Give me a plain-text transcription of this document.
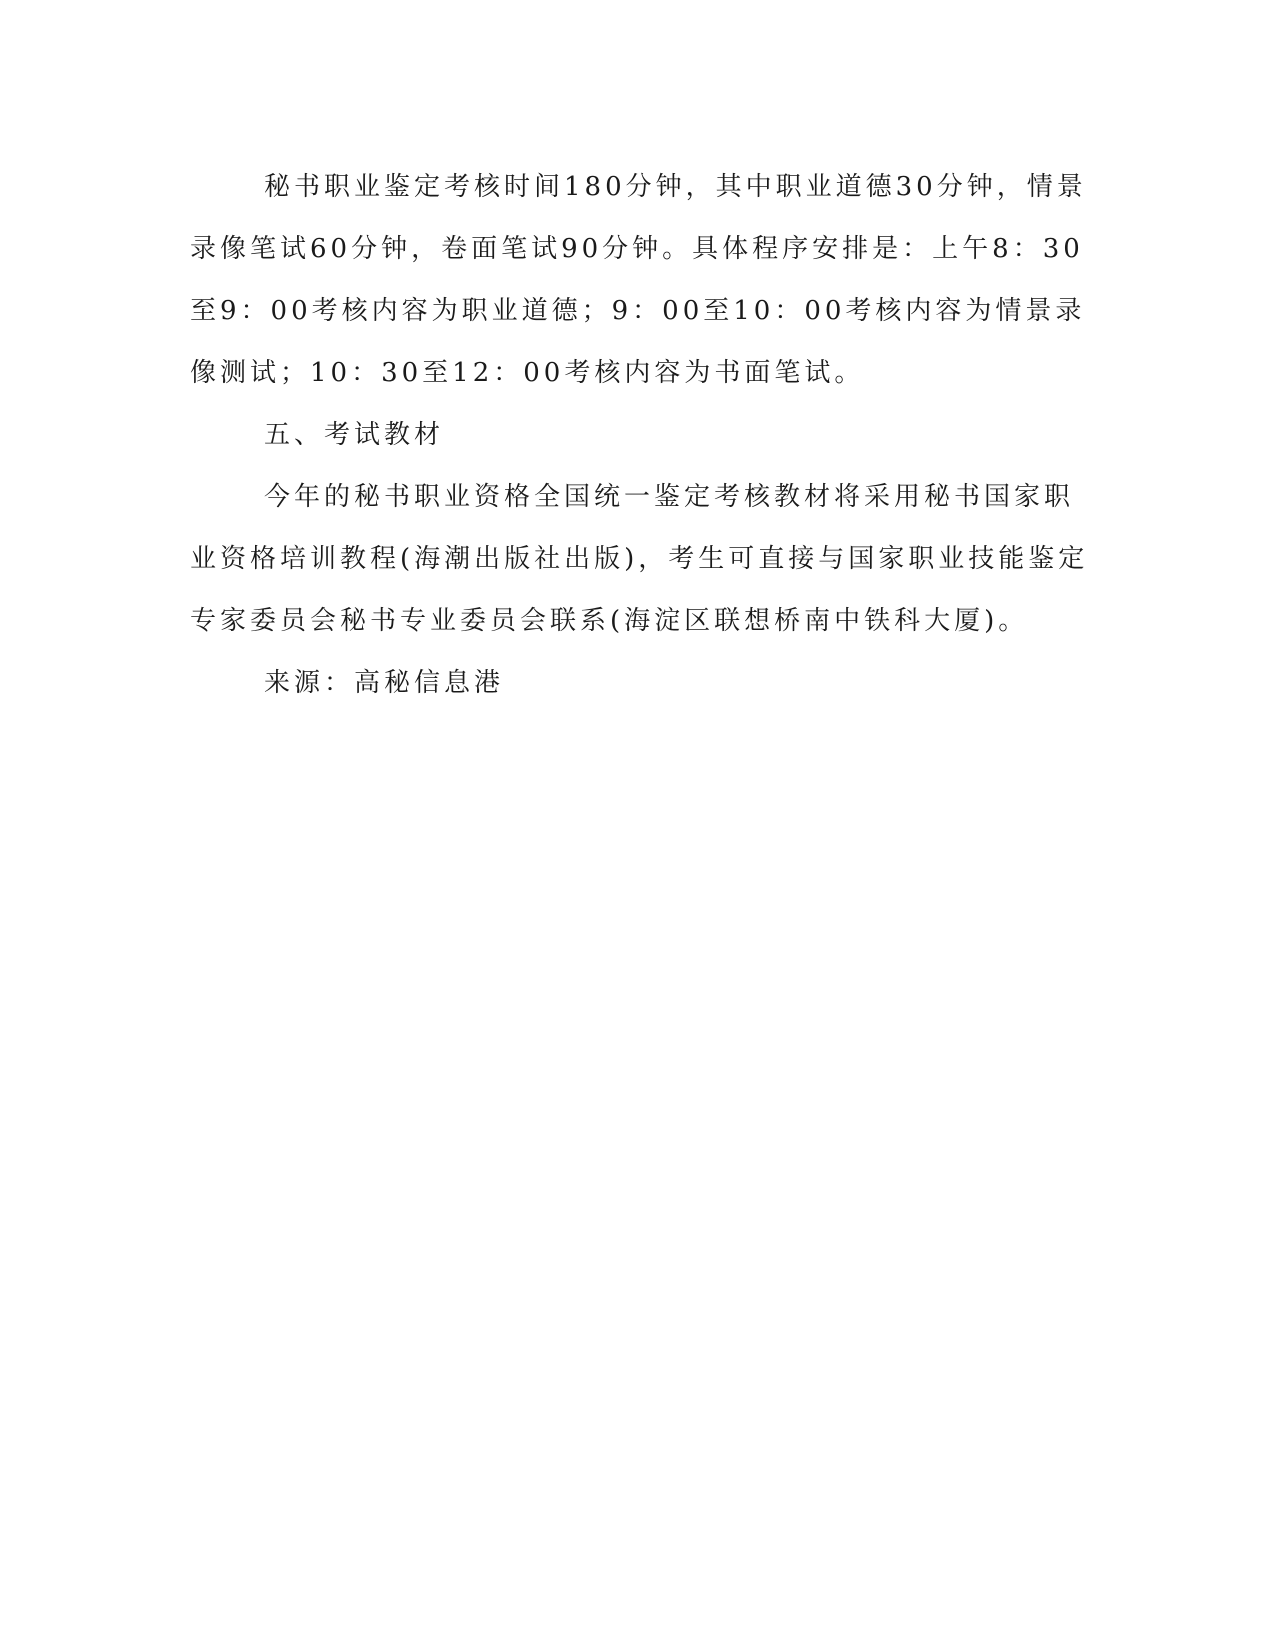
秘书职业鉴定考核时间180分钟，其中职业道德30分钟，情景录像笔试60分钟，卷面笔试90分钟。具体程序安排是：上午8：30至9：00考核内容为职业道德；9：00至10：00考核内容为情景录像测试；10：30至12：00考核内容为书面笔试。

五、考试教材

今年的秘书职业资格全国统一鉴定考核教材将采用秘书国家职业资格培训教程(海潮出版社出版)，考生可直接与国家职业技能鉴定专家委员会秘书专业委员会联系(海淀区联想桥南中铁科大厦)。

来源：高秘信息港
